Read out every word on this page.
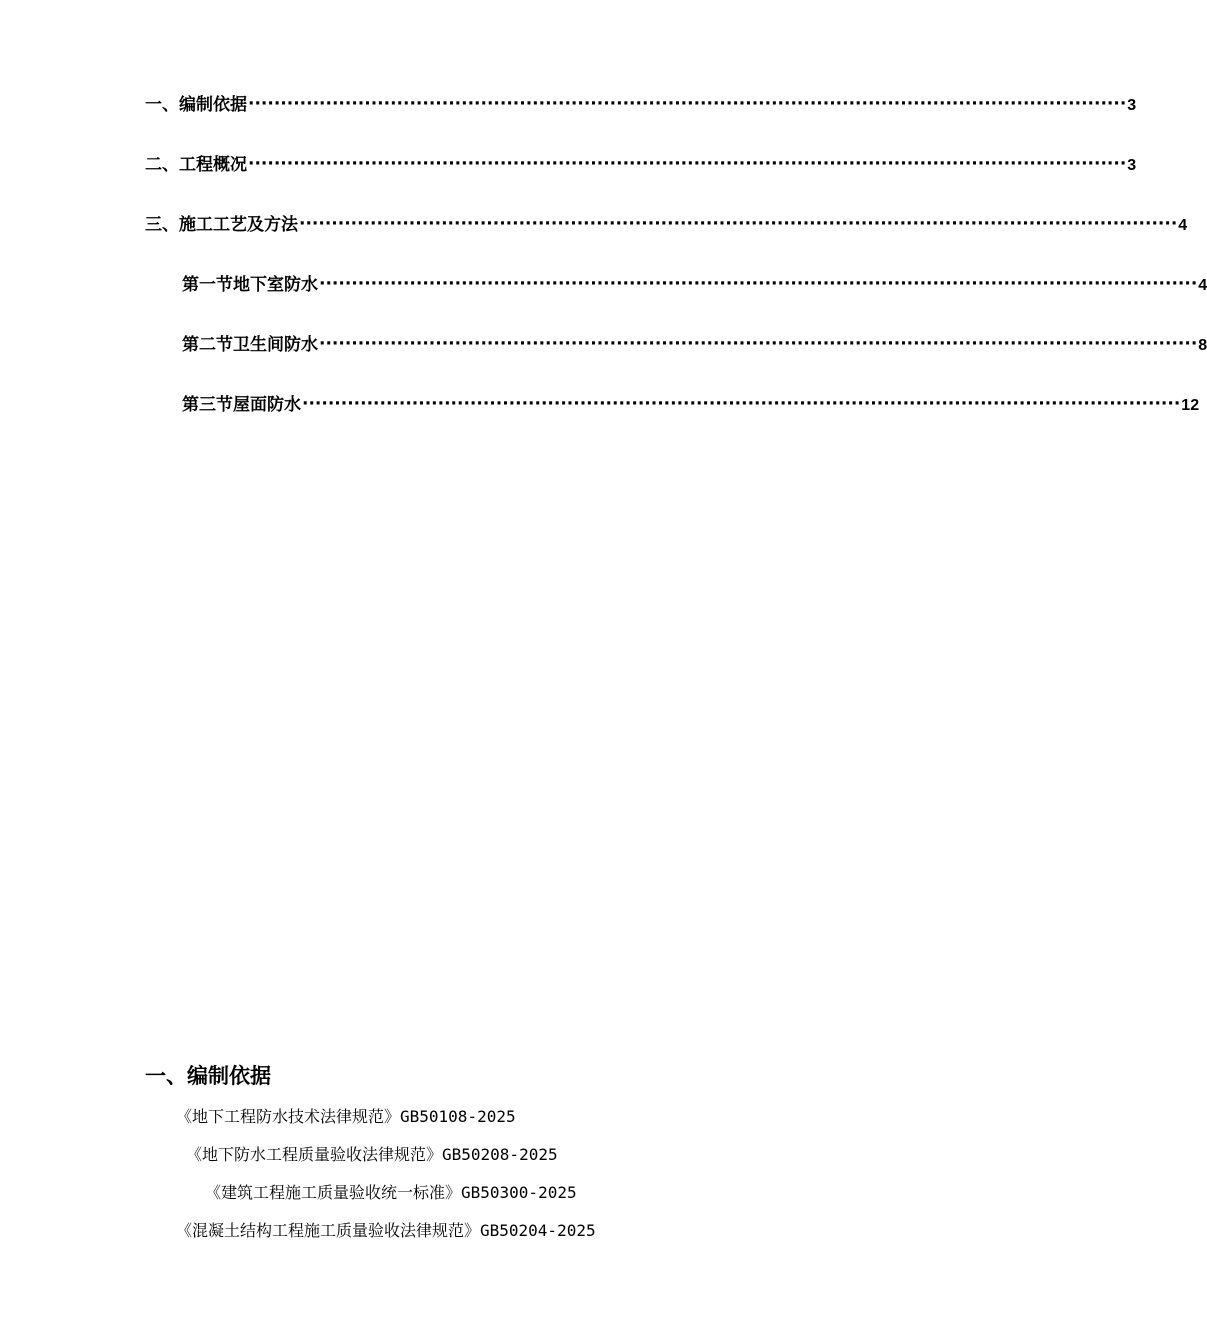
一、编制依据 ········································································································································ 3
二、工程概况 ········································································································································ 3
三、施工工艺及方法 ········································································································································ 4
第一节地下室防水 ········································································································································ 4
第二节卫生间防水 ········································································································································ 8
第三节屋面防水 ········································································································································ 12
一、编制依据
《地下工程防水技术法律规范》GB50108-2025
《地下防水工程质量验收法律规范》GB50208-2025
《建筑工程施工质量验收统一标准》GB50300-2025
《混凝土结构工程施工质量验收法律规范》GB50204-2025
